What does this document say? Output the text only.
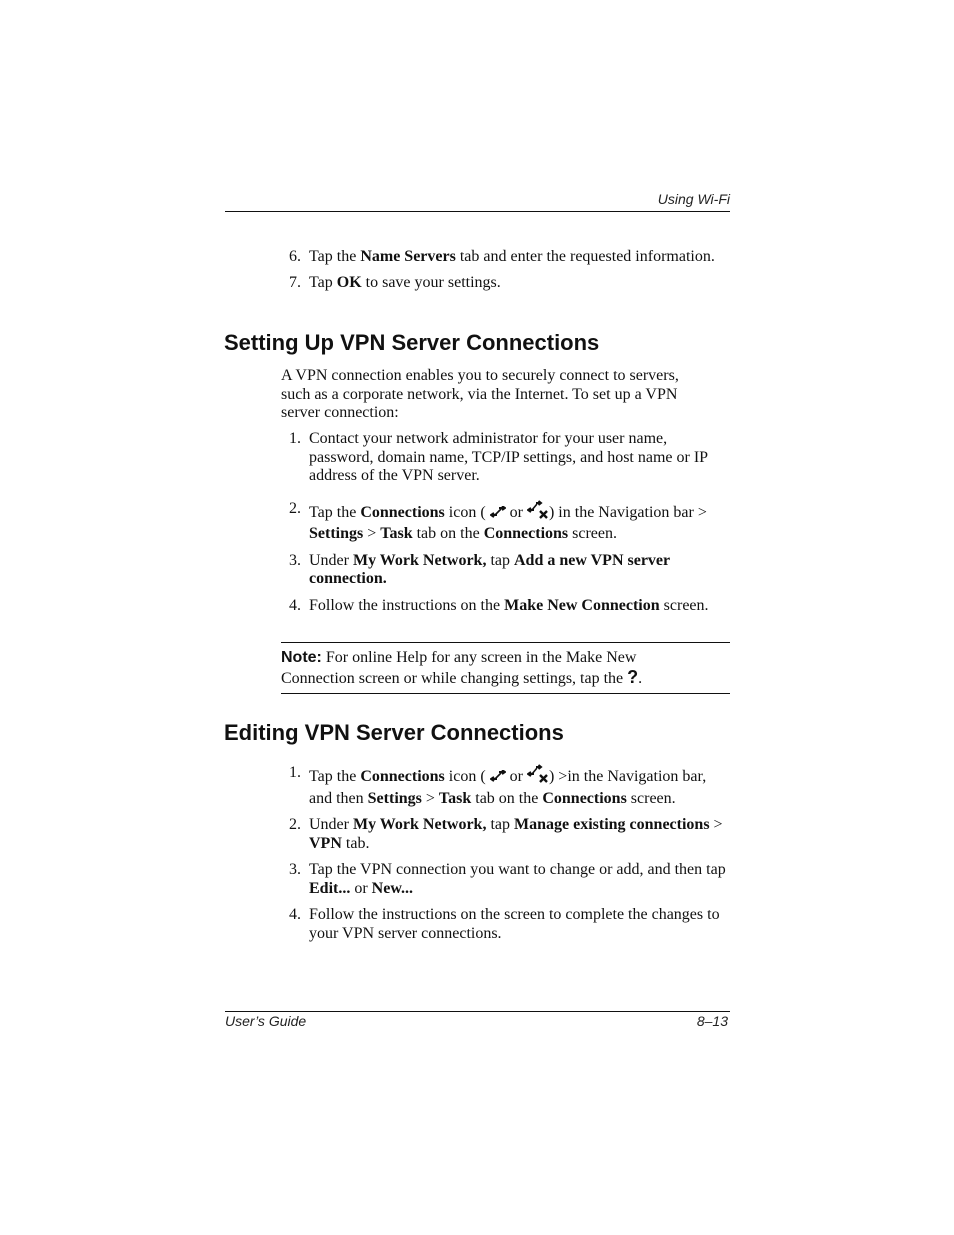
Using Wi-Fi
6. Tap the Name Servers tab and enter the requested information.
7. Tap OK to save your settings.
Setting Up VPN Server Connections

A VPN connection enables you to securely connect to servers, such as a corporate network, via the Internet. To set up a VPN server connection:

1. Contact your network administrator for your user name, password, domain name, TCP/IP settings, and host name or IP address of the VPN server.
2. Tap the Connections icon (  or ) in the Navigation bar > Settings > Task tab on the Connections screen.
3. Under My Work Network, tap Add a new VPN server connection.
4. Follow the instructions on the Make New Connection screen.

Note: For online Help for any screen in the Make New Connection screen or while changing settings, tap the ?.

Editing VPN Server Connections
1. Tap the Connections icon (  or ) >in the Navigation bar, and then Settings > Task tab on the Connections screen.
2. Under My Work Network, tap Manage existing connections > VPN tab.
3. Tap the VPN connection you want to change or add, and then tap Edit... or New...
4. Follow the instructions on the screen to complete the changes to your VPN server connections.
User’s Guide	8–13
